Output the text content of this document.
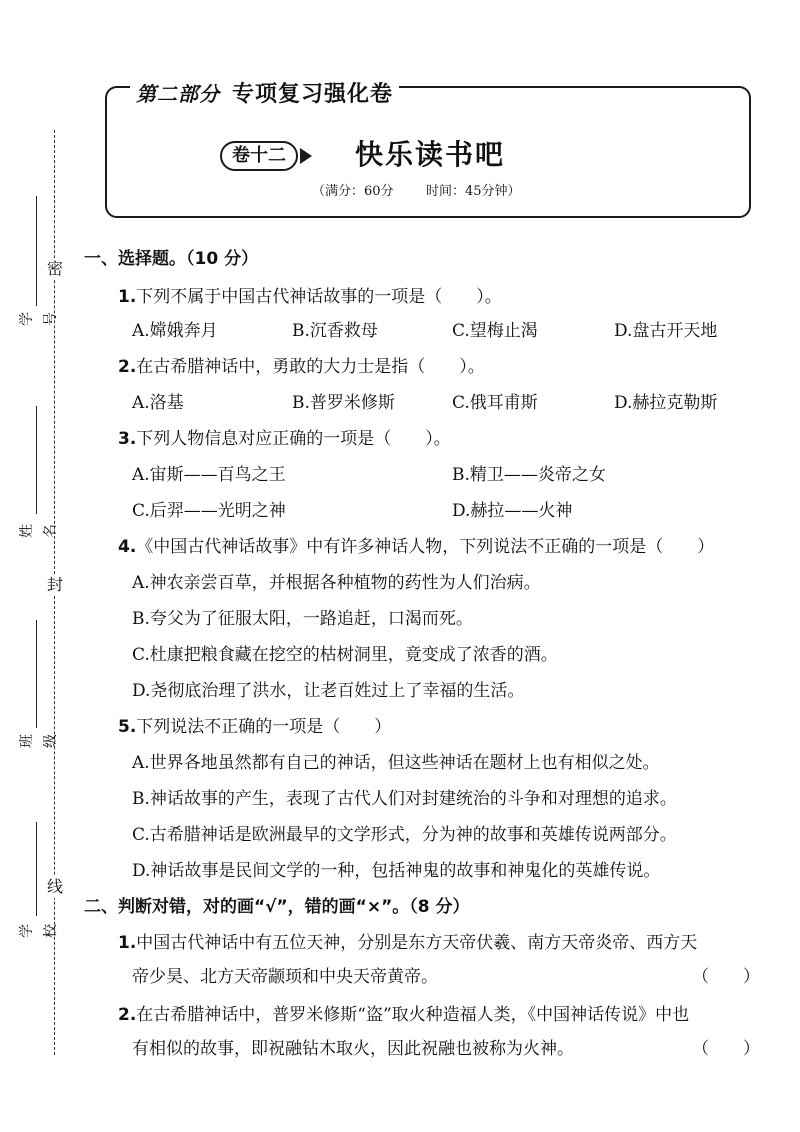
密
封
线
学号
姓名
班级
学校
第二部分 专项复习强化卷
卷十二	快乐读书吧
（满分：60分 时间：45分钟）
一、选择题。（10 分）
1.下列不属于中国古代神话故事的一项是（　　）。
A.嫦娥奔月	B.沉香救母	C.望梅止渴	D.盘古开天地
2.在古希腊神话中，勇敢的大力士是指（　　）。
A.洛基	B.普罗米修斯	C.俄耳甫斯	D.赫拉克勒斯
3.下列人物信息对应正确的一项是（　　）。
A.宙斯——百鸟之王	B.精卫——炎帝之女
C.后羿——光明之神	D.赫拉——火神
4.《中国古代神话故事》中有许多神话人物，下列说法不正确的一项是（　　）
A.神农亲尝百草，并根据各种植物的药性为人们治病。
B.夸父为了征服太阳，一路追赶，口渴而死。
C.杜康把粮食藏在挖空的枯树洞里，竟变成了浓香的酒。
D.尧彻底治理了洪水，让老百姓过上了幸福的生活。
5.下列说法不正确的一项是（　　）
A.世界各地虽然都有自己的神话，但这些神话在题材上也有相似之处。
B.神话故事的产生，表现了古代人们对封建统治的斗争和对理想的追求。
C.古希腊神话是欧洲最早的文学形式，分为神的故事和英雄传说两部分。
D.神话故事是民间文学的一种，包括神鬼的故事和神鬼化的英雄传说。
二、判断对错，对的画“√”，错的画“×”。（8 分）
1.中国古代神话中有五位天神，分别是东方天帝伏羲、南方天帝炎帝、西方天
帝少昊、北方天帝颛顼和中央天帝黄帝。	（　　）
2.在古希腊神话中，普罗米修斯“盗”取火种造福人类，《中国神话传说》中也
有相似的故事，即祝融钻木取火，因此祝融也被称为火神。	（　　）
